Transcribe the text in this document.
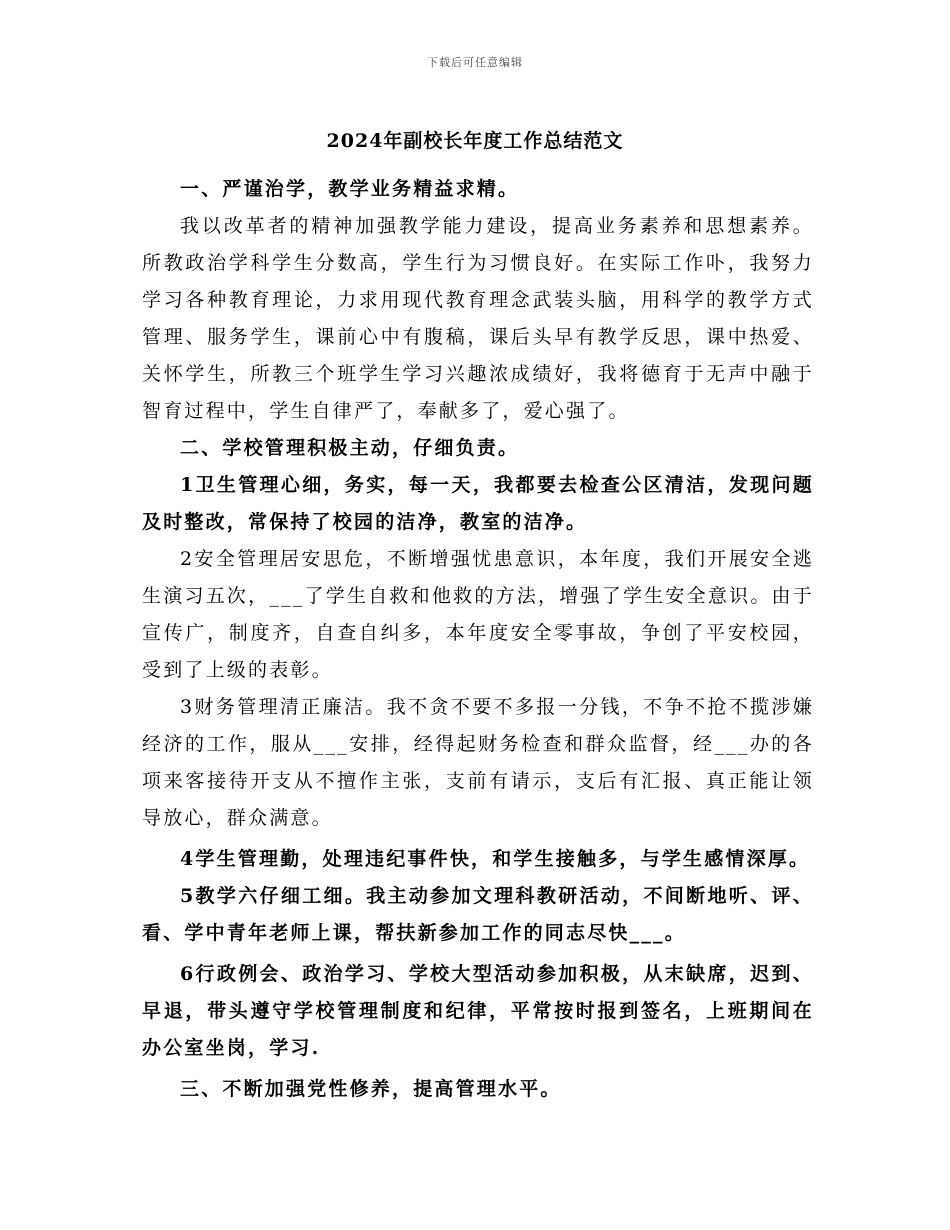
下载后可任意编辑
2024年副校长年度工作总结范文

一、严谨治学，教学业务精益求精。

我以改革者的精神加强教学能力建设，提高业务素养和思想素养。所教政治学科学生分数高，学生行为习惯良好。在实际工作卟，我努力学习各种教育理论，力求用现代教育理念武装头脑，用科学的教学方式管理、服务学生，课前心中有腹稿，课后头早有教学反思，课中热爱、关怀学生，所教三个班学生学习兴趣浓成绩好，我将德育于无声中融于智育过程中，学生自律严了，奉献多了，爱心强了。

二、学校管理积极主动，仔细负责。

1卫生管理心细，务实，每一天，我都要去检查公区清洁，发现问题及时整改，常保持了校园的洁净，教室的洁净。

2安全管理居安思危，不断增强忧患意识，本年度，我们开展安全逃生演习五次，___了学生自救和他救的方法，增强了学生安全意识。由于宣传广，制度齐，自查自纠多，本年度安全零事故，争创了平安校园，受到了上级的表彰。

3财务管理清正廉洁。我不贪不要不多报一分钱，不争不抢不揽涉嫌经济的工作，服从___安排，经得起财务检查和群众监督，经___办的各项来客接待开支从不擅作主张，支前有请示，支后有汇报、真正能让领导放心，群众满意。

4学生管理勤，处理违纪事件快，和学生接触多，与学生感情深厚。

5教学六仔细工细。我主动参加文理科教研活动，不间断地听、评、看、学中青年老师上课，帮扶新参加工作的同志尽快___。

6行政例会、政治学习、学校大型活动参加积极，从末缺席，迟到、早退，带头遵守学校管理制度和纪律，平常按时报到签名，上班期间在办公室坐岗，学习.

三、不断加强党性修养，提高管理水平。
